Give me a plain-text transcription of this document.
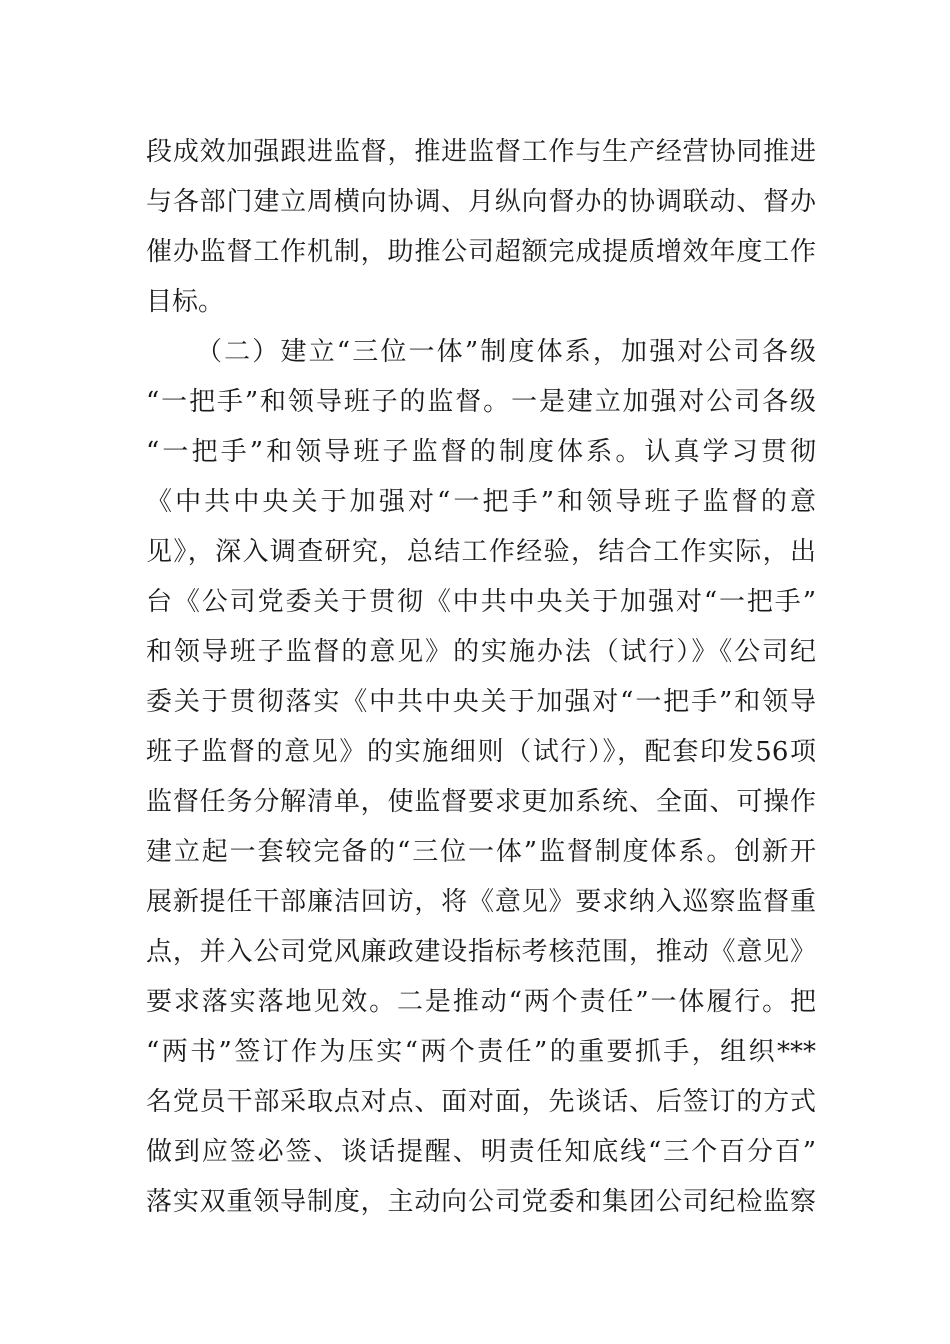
段成效加强跟进监督，推进监督工作与生产经营协同推进
与各部门建立周横向协调、月纵向督办的协调联动、督办
催办监督工作机制，助推公司超额完成提质增效年度工作
目标。
（二）建立“三位一体”制度体系，加强对公司各级
“一把手”和领导班子的监督。一是建立加强对公司各级
“一把手”和领导班子监督的制度体系。认真学习贯彻
《中共中央关于加强对“一把手”和领导班子监督的意
见》，深入调查研究，总结工作经验，结合工作实际，出
台《公司党委关于贯彻《中共中央关于加强对“一把手”
和领导班子监督的意见》的实施办法（试行）》《公司纪
委关于贯彻落实《中共中央关于加强对“一把手”和领导
班子监督的意见》的实施细则（试行）》，配套印发56项
监督任务分解清单，使监督要求更加系统、全面、可操作
建立起一套较完备的“三位一体”监督制度体系。创新开
展新提任干部廉洁回访，将《意见》要求纳入巡察监督重
点，并入公司党风廉政建设指标考核范围，推动《意见》
要求落实落地见效。二是推动“两个责任”一体履行。把
“两书”签订作为压实“两个责任”的重要抓手，组织***
名党员干部采取点对点、面对面，先谈话、后签订的方式
做到应签必签、谈话提醒、明责任知底线“三个百分百”
落实双重领导制度，主动向公司党委和集团公司纪检监察
